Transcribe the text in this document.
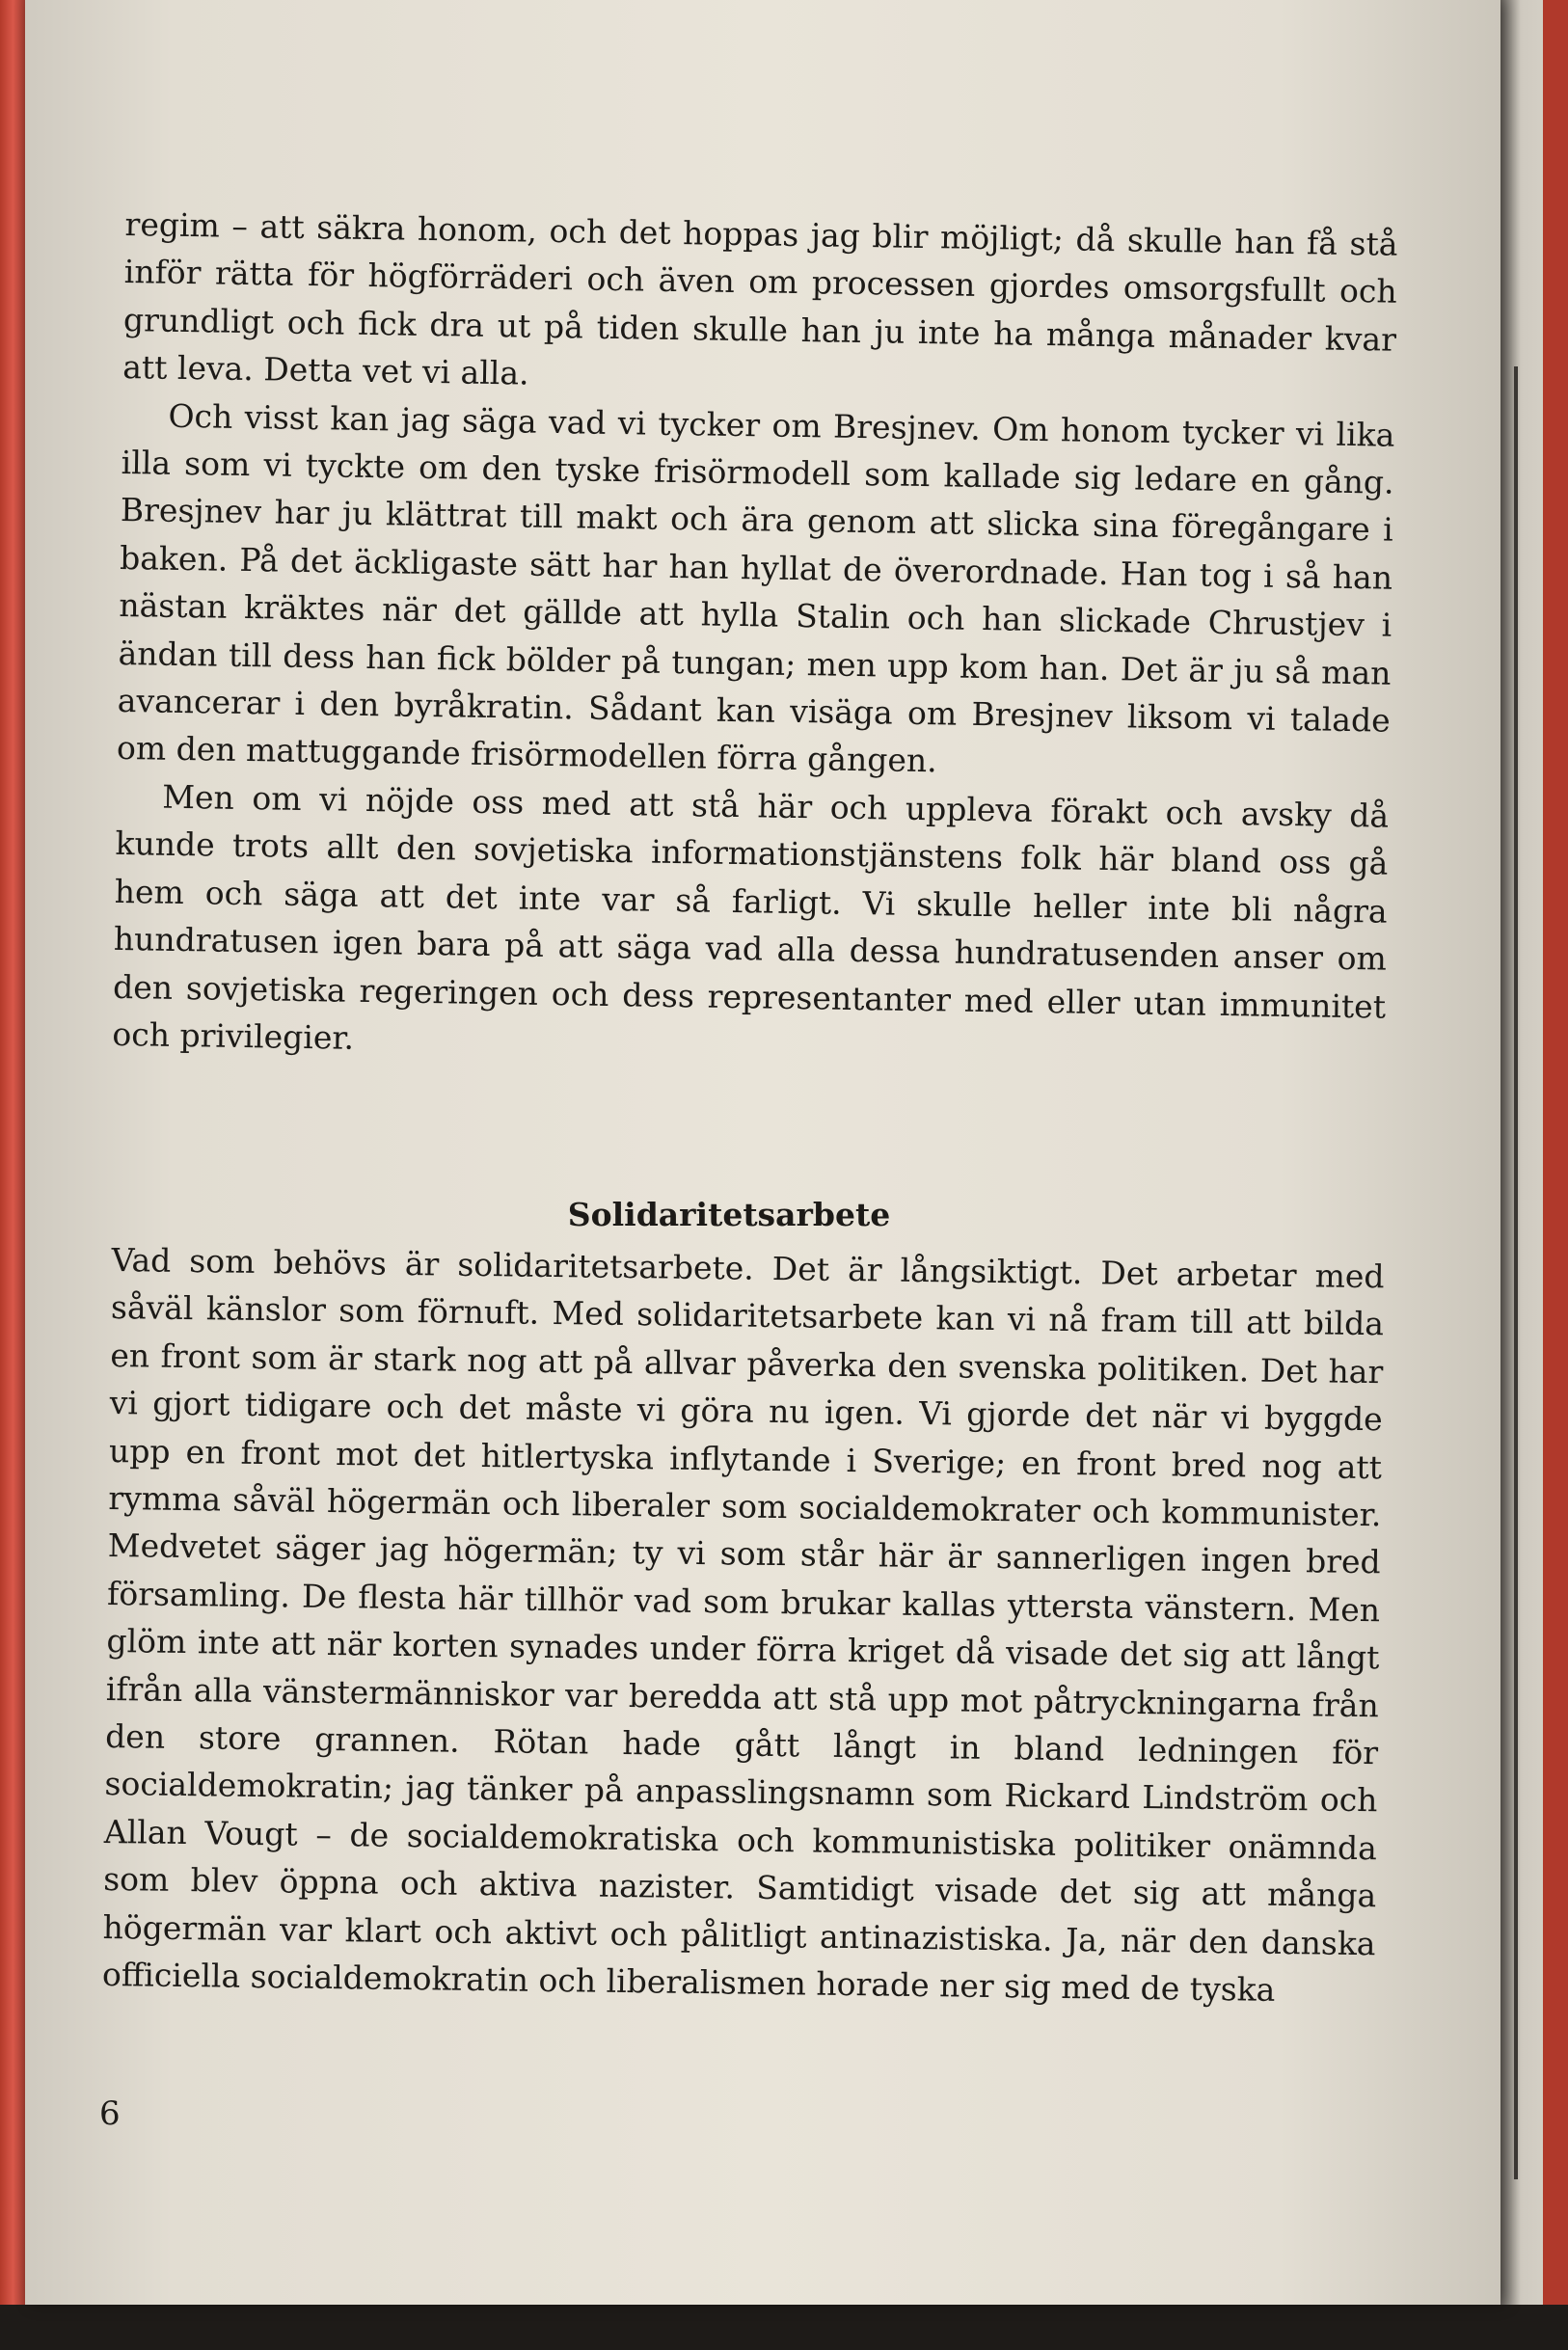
regim – att säkra honom, och det hoppas jag blir möjligt; då skulle han få stå inför rätta för högförräderi och även om processen gjordes omsorgsfullt och grundligt och fick dra ut på tiden skulle han ju inte ha många månader kvar att leva. Detta vet vi alla.

Och visst kan jag säga vad vi tycker om Bresjnev. Om honom tycker vi lika illa som vi tyckte om den tyske frisörmodell som kallade sig ledare en gång. Bresjnev har ju klättrat till makt och ära genom att slicka sina föregångare i baken. På det äckligaste sätt har han hyllat de överordnade. Han tog i så han nästan kräktes när det gällde att hylla Stalin och han slickade Chrustjev i ändan till dess han fick bölder på tungan; men upp kom han. Det är ju så man avancerar i den byråkratin. Sådant kan visäga om Bresjnev liksom vi talade om den mattuggande frisörmodellen förra gången.

Men om vi nöjde oss med att stå här och uppleva förakt och avsky då kunde trots allt den sovjetiska informationstjänstens folk här bland oss gå hem och säga att det inte var så farligt. Vi skulle heller inte bli några hundratusen igen bara på att säga vad alla dessa hundratusenden anser om den sovjetiska regeringen och dess representanter med eller utan immunitet och privilegier.

Solidaritetsarbete

Vad som behövs är solidaritetsarbete. Det är långsiktigt. Det arbetar med såväl känslor som förnuft. Med solidaritetsarbete kan vi nå fram till att bilda en front som är stark nog att på allvar påverka den svenska politiken. Det har vi gjort tidigare och det måste vi göra nu igen. Vi gjorde det när vi byggde upp en front mot det hitlertyska inflytande i Sverige; en front bred nog att rymma såväl högermän och liberaler som socialdemokrater och kommunister. Medvetet säger jag högermän; ty vi som står här är sannerligen ingen bred församling. De flesta här tillhör vad som brukar kallas yttersta vänstern. Men glöm inte att när korten synades under förra kriget då visade det sig att långt ifrån alla vänstermänniskor var beredda att stå upp mot påtryckningarna från den store grannen. Rötan hade gått långt in bland ledningen för socialdemokratin; jag tänker på anpasslingsnamn som Rickard Lindström och Allan Vougt – de socialdemokratiska och kommunistiska politiker onämnda som blev öppna och aktiva nazister. Samtidigt visade det sig att många högermän var klart och aktivt och pålitligt antinazistiska. Ja, när den danska officiella socialdemokratin och liberalismen horade ner sig med de tyska

6
